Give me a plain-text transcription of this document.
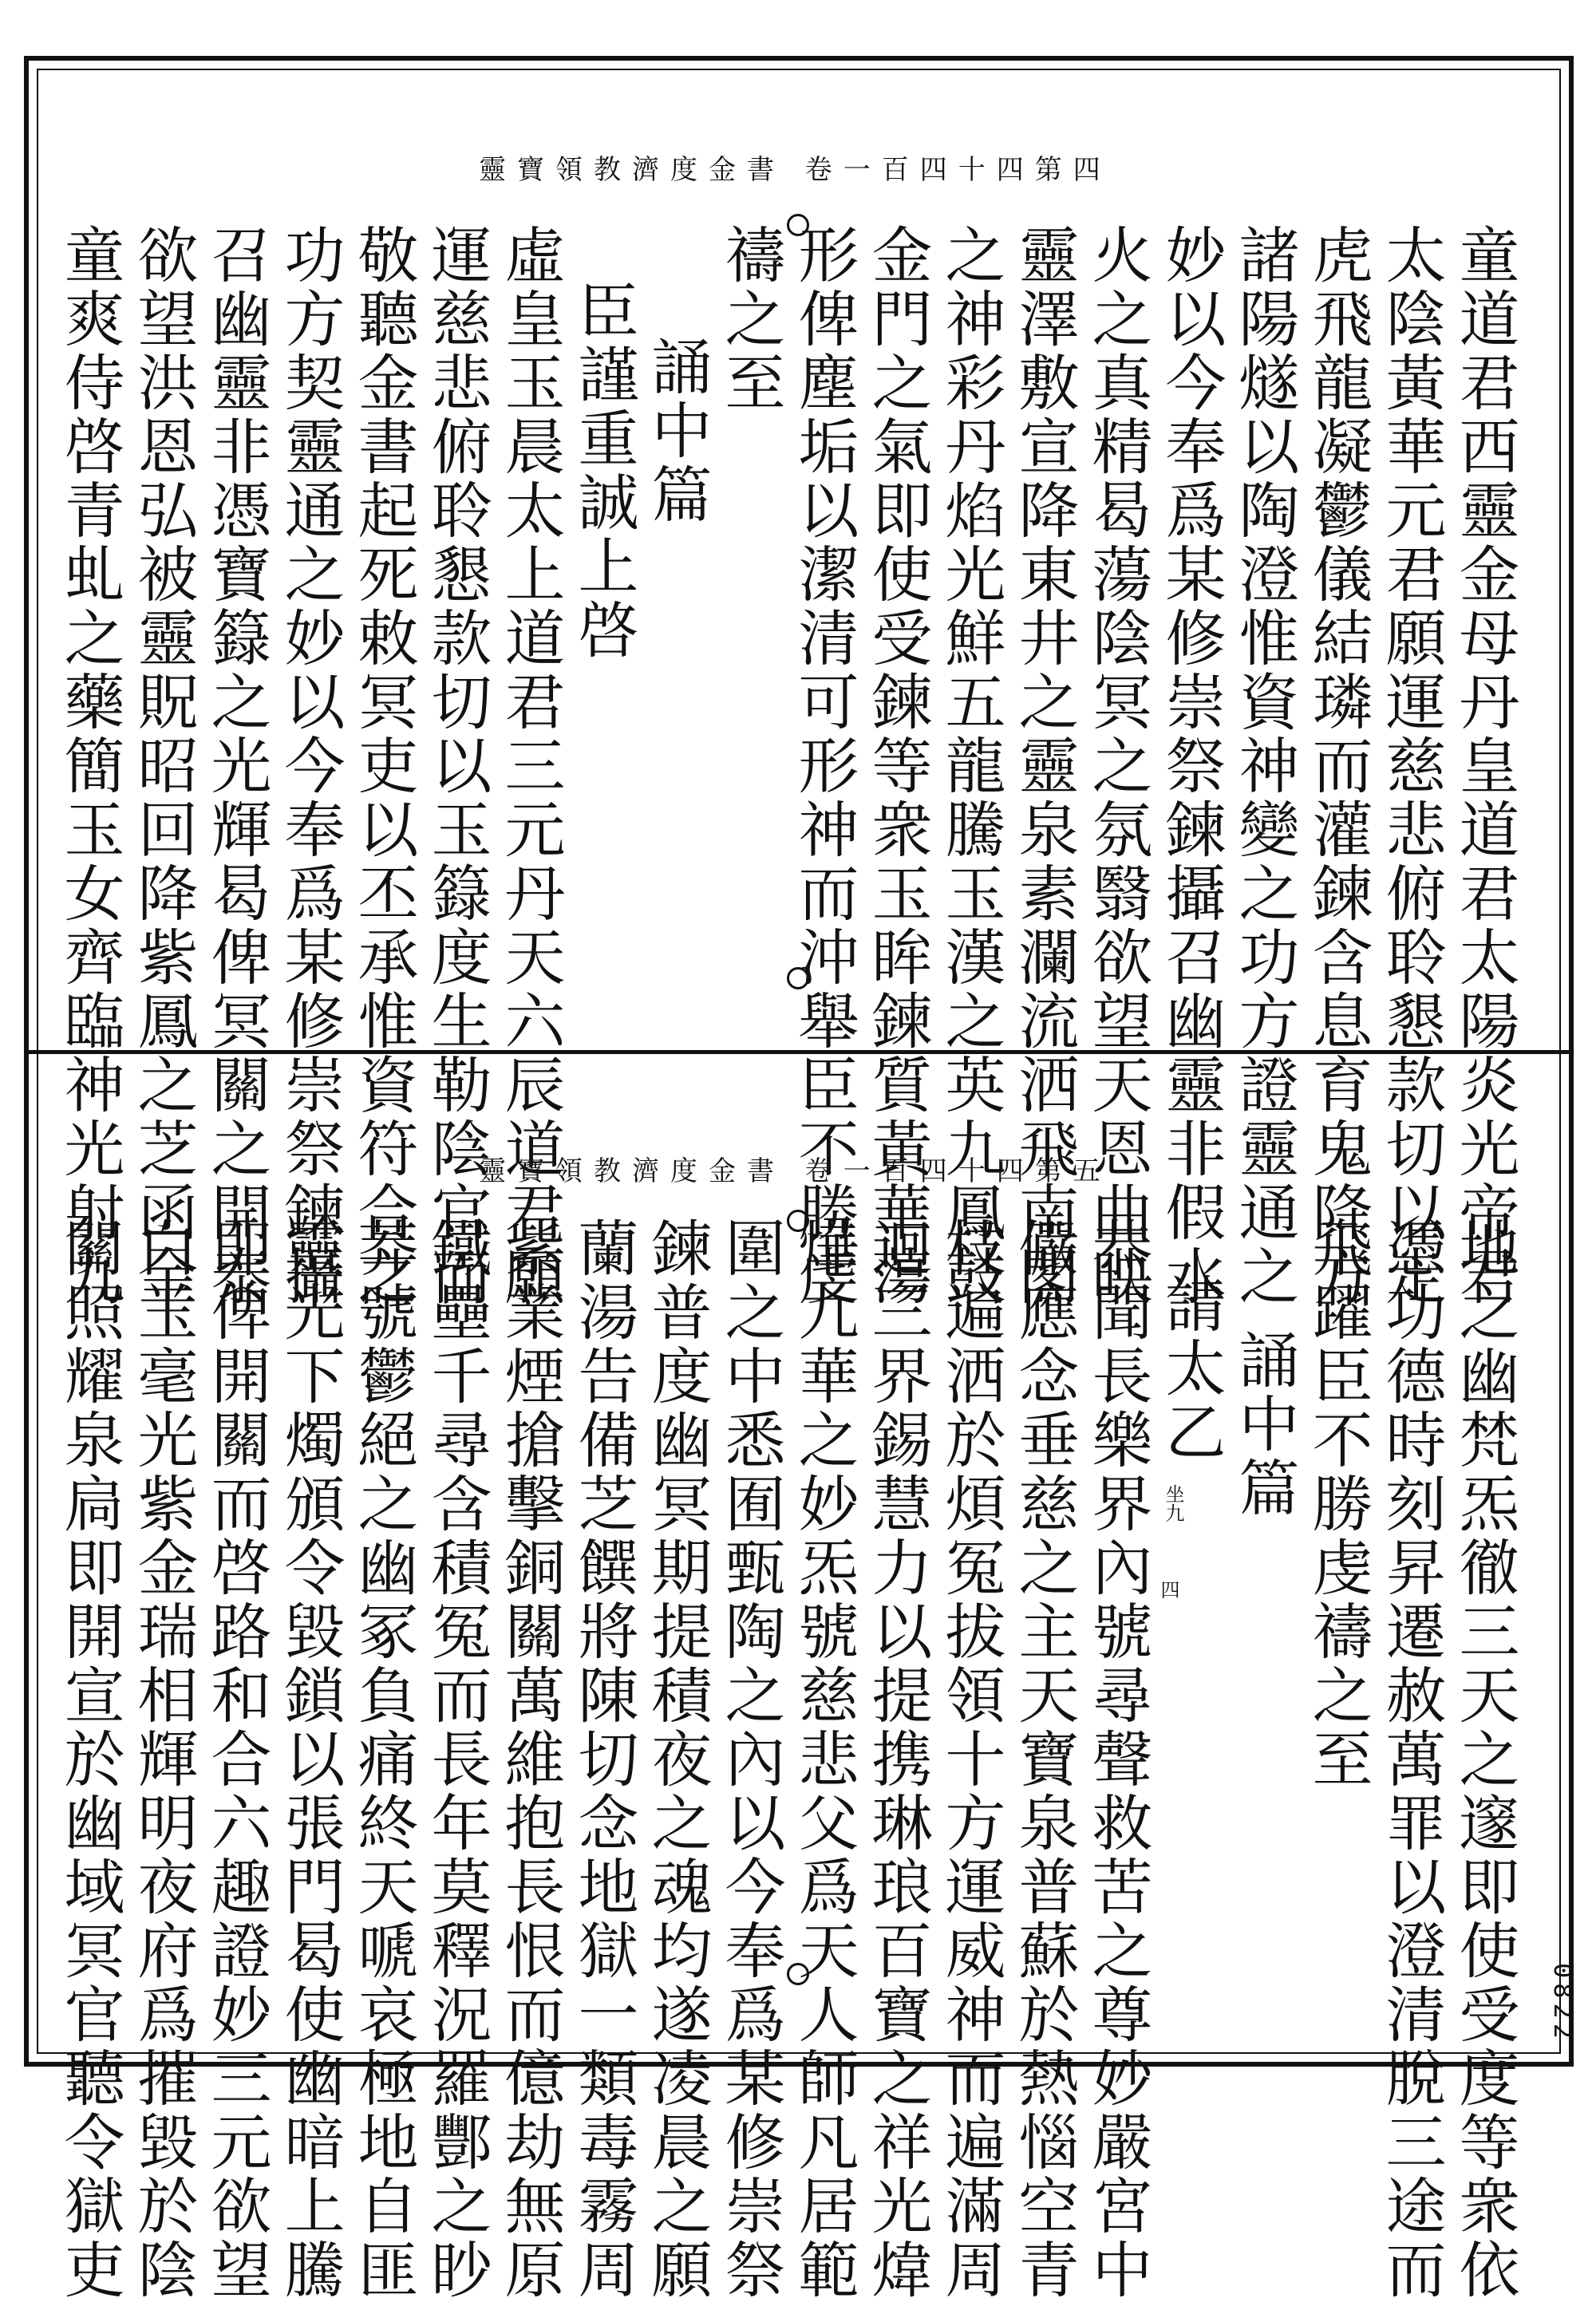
靈寶領教濟度金書 卷一百四十四第四
童道君西靈金母丹皇道君太陽炎光帝君
太陰黃華元君願運慈悲俯聆懇款切以走
虎飛龍凝鬱儀結璘而灌鍊含息育鬼降方
諸陽燧以陶澄惟資神變之功方證靈通之
妙以今奉爲某修崇祭鍊攝召幽靈非假水
火之真精曷蕩陰冥之氛翳欲望天恩曲映
靈澤敷宣降東井之靈泉素瀾流洒飛南閣
之神彩丹焰光鮮五龍騰玉漢之英九鳳鼓
金門之氣即使受鍊等衆玉眸鍊質黃華蕩
形俾塵垢以潔清可形神而沖舉臣不勝虔
禱之至
誦中篇
臣謹重誠上啓
虛皇玉晨太上道君三元丹天六辰道君願
運慈悲俯聆懇款切以玉籙度生勒陰官而
敬聽金書起死敕冥吏以丕承惟資符合之
功方契靈通之妙以今奉爲某修崇祭鍊攝
召幽靈非憑寶籙之光輝曷俾冥關之開泰
欲望洪恩弘被靈貺昭回降紫鳳之芝函金
童爽侍啓青虬之藥簡玉女齊臨神光射九	靈寶領教濟度金書 卷一百四十四第五
地之幽梵炁徹三天之邃即使受度等衆依
憑功德時刻昇遷赦萬罪以澄清脫三途而
飛躍臣不勝虔禱之至
誦中篇
請太乙
恭聞長樂界內號尋聲救苦之尊妙嚴宮中
儼應念垂慈之主天寶泉普蘇於熱惱空青
枝遍洒於煩冤拔領十方運威神而遍滿周
迴三界錫慧力以提携琳琅百寶之祥光煒
燁九華之妙炁號慈悲父爲天人師凡居範
圍之中悉囿甄陶之內以今奉爲某修崇祭
鍊普度幽冥期提積夜之魂均遂凌晨之願
蘭湯告備芝饌將陳切念地獄一類毒霧周
紫業煙搶擊銅關萬維抱長恨而億劫無原
鐵壘千尋含積冤而長年莫釋況羅酆之眇
莽號鬱絕之幽冢負痛終天嗁哀極地自匪
靈光下燭頒令毀鎖以張門曷使幽暗上騰
即俾開關而啓路和合六趣證妙三元欲望
白玉毫光紫金瑞相輝明夜府爲摧毀於陰
關照耀泉扃即開宣於幽域冥官聽令獄吏	坐九
四
0822
